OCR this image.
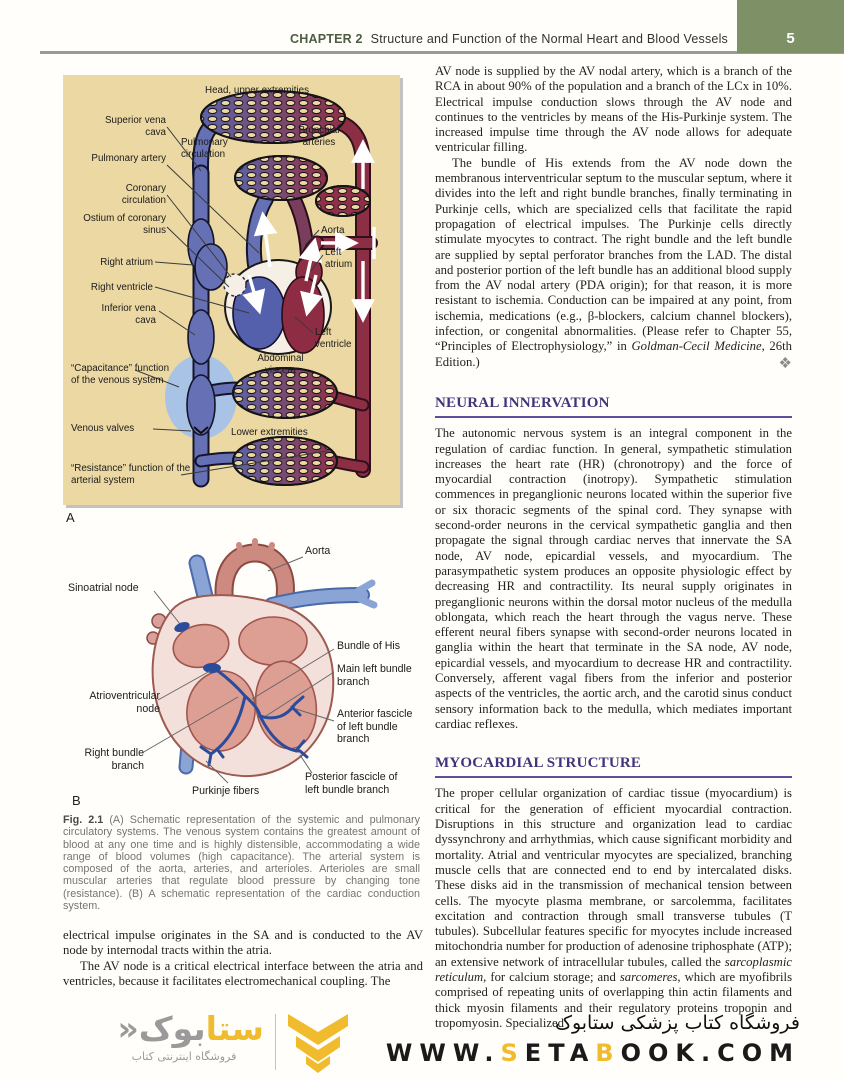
CHAPTER 2 Structure and Function of the Normal Heart and Blood Vessels	5
Head, upper extremities
Superior vena cava
Pulmonary artery
Coronary circulation
Ostium of coronary sinus
Right atrium
Right ventricle
Inferior vena cava
Pulmonary circulation
Bronchial arteries
Aorta
Left atrium
Left ventricle
Abdominal viscera
Lower extremities
“Capacitance” function of the venous system
Venous valves
“Resistance” function of the arterial system
A
Aorta
Sinoatrial node
Bundle of His
Main left bundle branch
Atrioventricular node	Anterior fascicle of left bundle branch
Right bundle branch
Purkinje fibers
Posterior fascicle of left bundle branch
B
Fig. 2.1 (A) Schematic representation of the systemic and pulmonary circulatory systems. The venous system contains the greatest amount of blood at any one time and is highly distensible, accommodating a wide range of blood volumes (high capacitance). The arterial system is composed of the aorta, arteries, and arterioles. Arterioles are small muscular arteries that regulate blood pressure by changing tone (resistance). (B) A schematic representation of the cardiac conduction system.

electrical impulse originates in the SA and is conducted to the AV node by internodal tracts within the atria.

The AV node is a critical electrical interface between the atria and ventricles, because it facilitates electromechanical coupling. The

AV node is supplied by the AV nodal artery, which is a branch of the RCA in about 90% of the population and a branch of the LCx in 10%. Electrical impulse conduction slows through the AV node and continues to the ventricles by means of the His-Purkinje system. The increased impulse time through the AV node allows for adequate ventricular filling.

The bundle of His extends from the AV node down the membranous interventricular septum to the muscular septum, where it divides into the left and right bundle branches, finally terminating in Purkinje cells, which are specialized cells that facilitate the rapid propagation of electrical impulses. The Purkinje cells directly stimulate myocytes to contract. The right bundle and the left bundle are supplied by septal perforator branches from the LAD. The distal and posterior portion of the left bundle has an additional blood supply from the AV nodal artery (PDA origin); for that reason, it is more resistant to ischemia. Conduction can be impaired at any point, from ischemia, medications (e.g., β-blockers, calcium channel blockers), infection, or congenital abnormalities. (Please refer to Chapter 55, “Principles of Electrophysiology,” in Goldman-Cecil Medicine, 26th Edition.)	❖
NEURAL INNERVATION

The autonomic nervous system is an integral component in the regulation of cardiac function. In general, sympathetic stimulation increases the heart rate (HR) (chronotropy) and the force of myocardial contraction (inotropy). Sympathetic stimulation commences in preganglionic neurons located within the superior five or six thoracic segments of the spinal cord. They synapse with second-order neurons in the cervical sympathetic ganglia and then propagate the signal through cardiac nerves that innervate the SA node, AV node, epicardial vessels, and myocardium. The parasympathetic system produces an opposite physiologic effect by decreasing HR and contractility. Its neural supply originates in preganglionic neurons within the dorsal motor nucleus of the medulla oblongata, which reach the heart through the vagus nerve. These efferent neural fibers synapse with second-order neurons located in ganglia within the heart that terminate in the SA node, AV node, epicardial vessels, and myocardium to decrease HR and contractility. Conversely, afferent vagal fibers from the inferior and posterior aspects of the ventricles, the aortic arch, and the carotid sinus conduct sensory information back to the medulla, which mediates important cardiac reflexes.

MYOCARDIAL STRUCTURE

The proper cellular organization of cardiac tissue (myocardium) is critical for the generation of efficient myocardial contraction. Disruptions in this structure and organization lead to cardiac dyssynchrony and arrhythmias, which cause significant morbidity and mortality. Atrial and ventricular myocytes are specialized, branching muscle cells that are connected end to end by intercalated disks. These disks aid in the transmission of mechanical tension between cells. The myocyte plasma membrane, or sarcolemma, facilitates excitation and contraction through small transverse tubules (T tubules). Subcellular features specific for myocytes include increased mitochondria number for production of adenosine triphosphate (ATP); an extensive network of intracellular tubules, called the sarcoplasmic reticulum, for calcium storage; and sarcomeres, which are myofibrils comprised of repeating units of overlapping thin actin filaments and thick myosin filaments and their regulatory proteins troponin and tropomyosin. Specialized

ستابوک«
فروشگاه اینترنتی کتاب
فروشگاه کتاب پزشکی ستابوک
WWW.SETABOOK.COM
